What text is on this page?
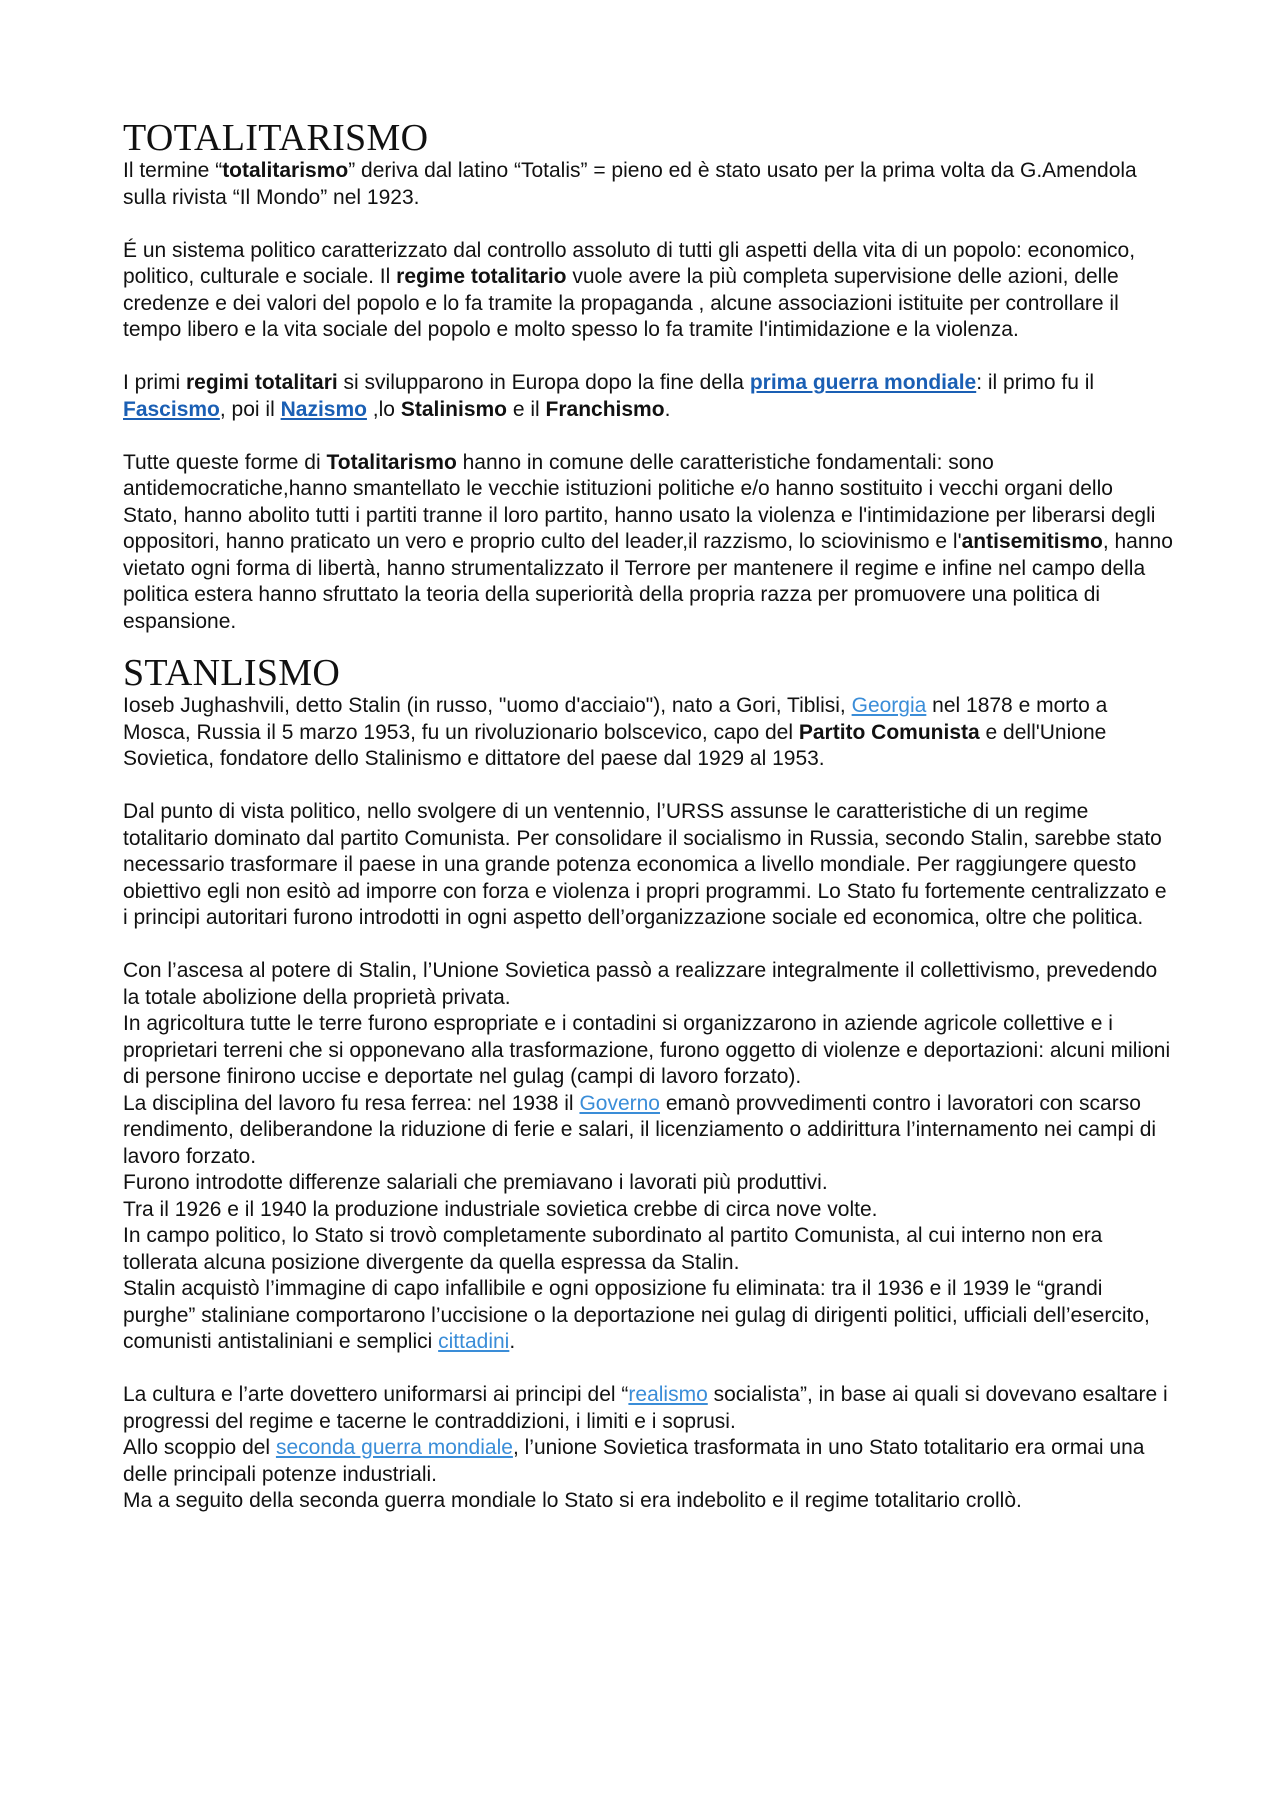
TOTALITARISMO

Il termine “totalitarismo” deriva dal latino “Totalis” = pieno ed è stato usato per la prima volta da G.Amendola sulla rivista “Il Mondo” nel 1923.

É un sistema politico caratterizzato dal controllo assoluto di tutti gli aspetti della vita di un popolo: economico, politico, culturale e sociale. Il regime totalitario vuole avere la più completa supervisione delle azioni, delle credenze e dei valori del popolo e lo fa tramite la propaganda , alcune associazioni istituite per controllare il tempo libero e la vita sociale del popolo e molto spesso lo fa tramite l'intimidazione e la violenza.

I primi regimi totalitari si svilupparono in Europa dopo la fine della prima guerra mondiale: il primo fu il Fascismo, poi il Nazismo ,lo Stalinismo e il Franchismo.

Tutte queste forme di Totalitarismo hanno in comune delle caratteristiche fondamentali: sono antidemocratiche,hanno smantellato le vecchie istituzioni politiche e/o hanno sostituito i vecchi organi dello Stato, hanno abolito tutti i partiti tranne il loro partito, hanno usato la violenza e l'intimidazione per liberarsi degli oppositori, hanno praticato un vero e proprio culto del leader,il razzismo, lo sciovinismo e l'antisemitismo, hanno vietato ogni forma di libertà, hanno strumentalizzato il Terrore per mantenere il regime e infine nel campo della politica estera hanno sfruttato la teoria della superiorità della propria razza per promuovere una politica di espansione.

STANLISMO

Ioseb Jughashvili, detto Stalin (in russo, "uomo d'acciaio"), nato a Gori, Tiblisi, Georgia nel 1878 e morto a Mosca, Russia il 5 marzo 1953, fu un rivoluzionario bolscevico, capo del Partito Comunista e dell'Unione Sovietica, fondatore dello Stalinismo e dittatore del paese dal 1929 al 1953.

Dal punto di vista politico, nello svolgere di un ventennio, l’URSS assunse le caratteristiche di un regime totalitario dominato dal partito Comunista. Per consolidare il socialismo in Russia, secondo Stalin, sarebbe stato necessario trasformare il paese in una grande potenza economica a livello mondiale. Per raggiungere questo obiettivo egli non esitò ad imporre con forza e violenza i propri programmi. Lo Stato fu fortemente centralizzato e i principi autoritari furono introdotti in ogni aspetto dell’organizzazione sociale ed economica, oltre che politica.

Con l’ascesa al potere di Stalin, l’Unione Sovietica passò a realizzare integralmente il collettivismo, prevedendo la totale abolizione della proprietà privata.

In agricoltura tutte le terre furono espropriate e i contadini si organizzarono in aziende agricole collettive e i proprietari terreni che si opponevano alla trasformazione, furono oggetto di violenze e deportazioni: alcuni milioni di persone finirono uccise e deportate nel gulag (campi di lavoro forzato).

La disciplina del lavoro fu resa ferrea: nel 1938 il Governo emanò provvedimenti contro i lavoratori con scarso rendimento, deliberandone la riduzione di ferie e salari, il licenziamento o addirittura l’internamento nei campi di lavoro forzato.

Furono introdotte differenze salariali che premiavano i lavorati più produttivi.

Tra il 1926 e il 1940 la produzione industriale sovietica crebbe di circa nove volte.

In campo politico, lo Stato si trovò completamente subordinato al partito Comunista, al cui interno non era tollerata alcuna posizione divergente da quella espressa da Stalin.

Stalin acquistò l’immagine di capo infallibile e ogni opposizione fu eliminata: tra il 1936 e il 1939 le “grandi purghe” staliniane comportarono l’uccisione o la deportazione nei gulag di dirigenti politici, ufficiali dell’esercito, comunisti antistaliniani e semplici cittadini.

La cultura e l’arte dovettero uniformarsi ai principi del “realismo socialista”, in base ai quali si dovevano esaltare i progressi del regime e tacerne le contraddizioni, i limiti e i soprusi.

Allo scoppio del seconda guerra mondiale, l’unione Sovietica trasformata in uno Stato totalitario era ormai una delle principali potenze industriali.

Ma a seguito della seconda guerra mondiale lo Stato si era indebolito e il regime totalitario crollò.
